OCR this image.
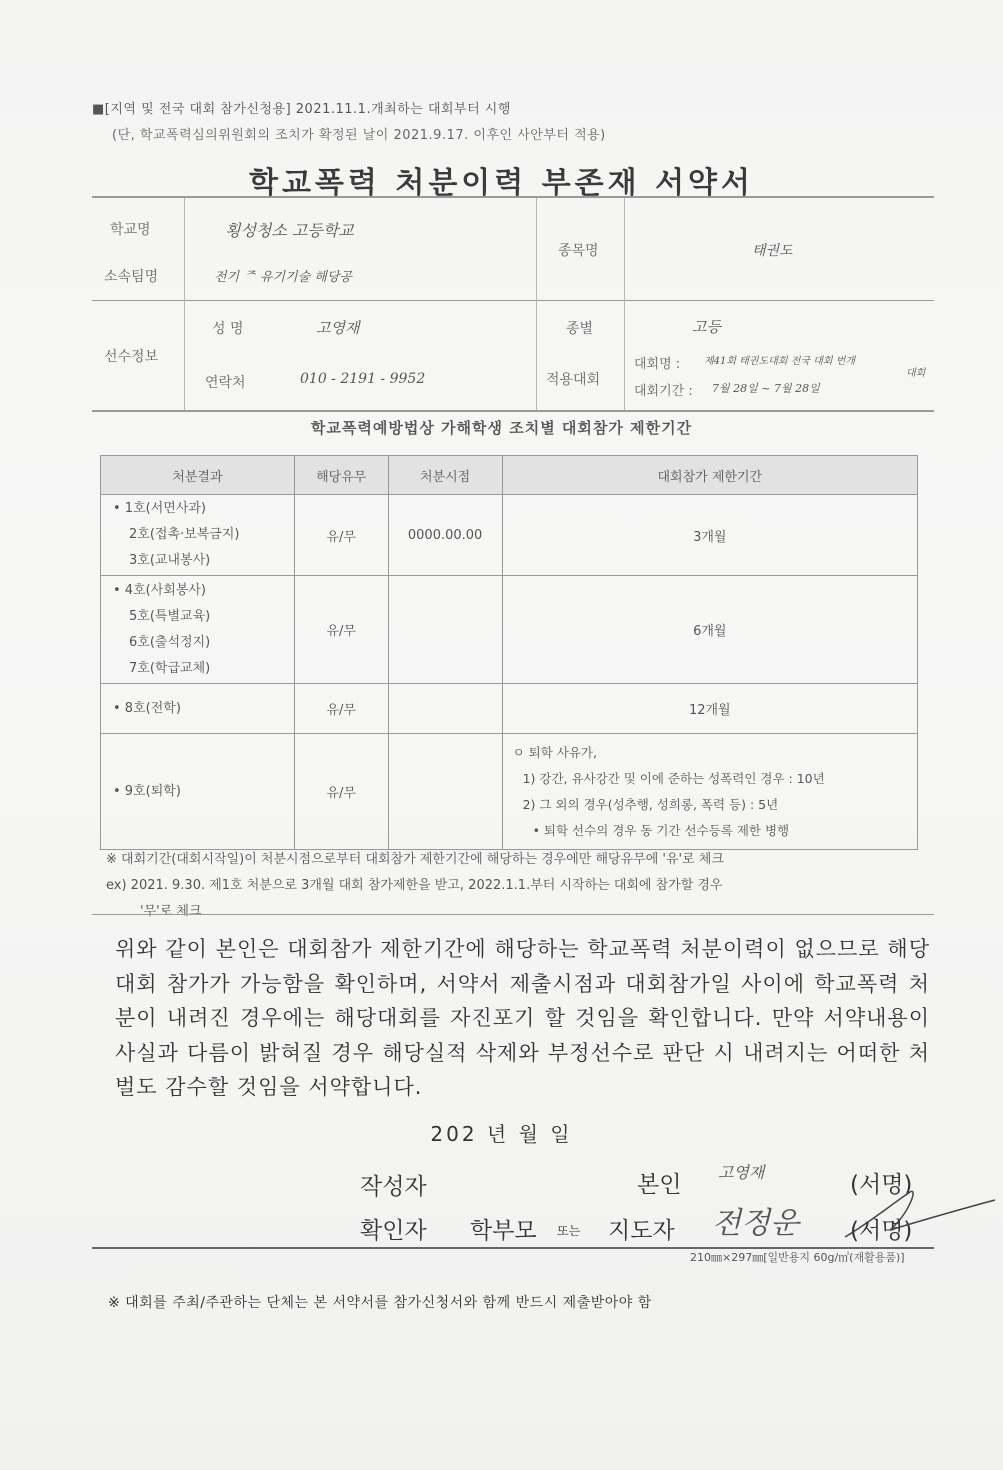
■[지역 및 전국 대회 참가신청용] 2021.11.1.개최하는 대회부터 시행
(단, 학교폭력심의위원회의 조치가 확정된 날이 2021.9.17. 이후인 사안부터 적용)
학교폭력 처분이력 부존재 서약서
학교명	횡성청소 고등학교
소속팀명	전기 ᄌ 유기기술 해당공
종목명	태권도
선수정보
성 명	고영재
연락처	010 - 2191 - 9952
종별	고등
적용대회
대회명 : 제41회 태권도대회 전국 대회 번개
대회
대회기간 : 7월 28일 ~ 7월 28일
학교폭력예방법상 가해학생 조치별 대회참가 제한기간
처분결과	해당유무	처분시점	대회참가 제한기간

• 1호(서면사과)
2호(접촉·보복금지)
3호(교내봉사)	유/무	0000.00.00	3개월

• 4호(사회봉사)
5호(특별교육)
6호(출석정지)
7호(학급교체)	유/무		6개월

• 8호(전학)	유/무		12개월

• 9호(퇴학)	유/무		ㅇ 퇴학 사유가,
1) 강간, 유사강간 및 이에 준하는 성폭력인 경우 : 10년
2) 그 외의 경우(성추행, 성희롱, 폭력 등) : 5년
• 퇴학 선수의 경우 동 기간 선수등록 제한 병행
※ 대회기간(대회시작일)이 처분시점으로부터 대회참가 제한기간에 해당하는 경우에만 해당유무에 '유'로 체크
ex) 2021. 9.30. 제1호 처분으로 3개월 대회 참가제한을 받고, 2022.1.1.부터 시작하는 대회에 참가할 경우
'무'로 체크
위와 같이 본인은 대회참가 제한기간에 해당하는 학교폭력 처분이력이 없으므로 해당 대회 참가가 가능함을 확인하며, 서약서 제출시점과 대회참가일 사이에 학교폭력 처분이 내려진 경우에는 해당대회를 자진포기 할 것임을 확인합니다. 만약 서약내용이 사실과 다름이 밝혀질 경우 해당실적 삭제와 부정선수로 판단 시 내려지는 어떠한 처벌도 감수할 것임을 서약합니다.
202 년 월 일
작성자	본인 고영재	(서명)
확인자 학부모 또는 지도자 전정운 (서명)
210㎜×297㎜[일반용지 60g/㎡(재활용품)]
※ 대회를 주최/주관하는 단체는 본 서약서를 참가신청서와 함께 반드시 제출받아야 함
